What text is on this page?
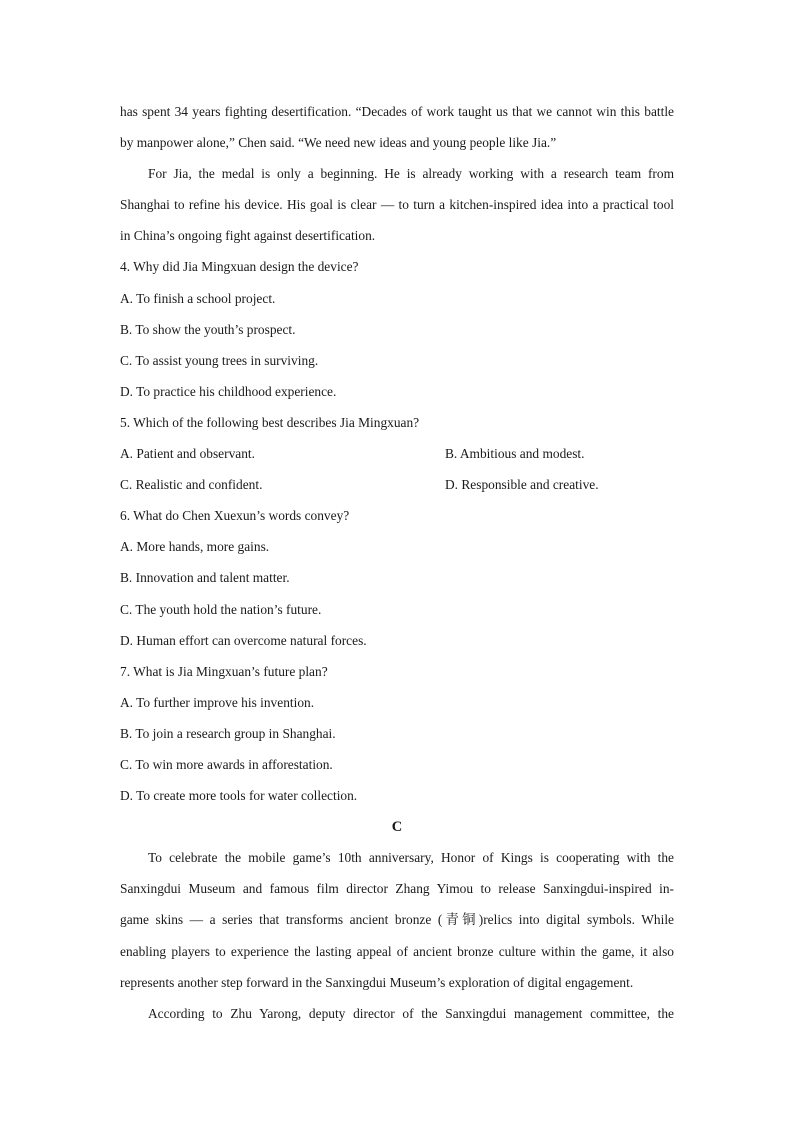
has spent 34 years fighting desertification. “Decades of work taught us that we cannot win this battle
by manpower alone,” Chen said. “We need new ideas and young people like Jia.”
For Jia, the medal is only a beginning. He is already working with a research team from
Shanghai to refine his device. His goal is clear — to turn a kitchen-inspired idea into a practical tool
in China’s ongoing fight against desertification.
4. Why did Jia Mingxuan design the device?
A. To finish a school project.
B. To show the youth’s prospect.
C. To assist young trees in surviving.
D. To practice his childhood experience.
5. Which of the following best describes Jia Mingxuan?
A. Patient and observant.	B. Ambitious and modest.
C. Realistic and confident.	D. Responsible and creative.
6. What do Chen Xuexun’s words convey?
A. More hands, more gains.
B. Innovation and talent matter.
C. The youth hold the nation’s future.
D. Human effort can overcome natural forces.
7. What is Jia Mingxuan’s future plan?
A. To further improve his invention.
B. To join a research group in Shanghai.
C. To win more awards in afforestation.
D. To create more tools for water collection.
C
To celebrate the mobile game’s 10th anniversary, Honor of Kings is cooperating with the
Sanxingdui Museum and famous film director Zhang Yimou to release Sanxingdui-inspired in-
game skins — a series that transforms ancient bronze (青铜)relics into digital symbols. While
enabling players to experience the lasting appeal of ancient bronze culture within the game, it also
represents another step forward in the Sanxingdui Museum’s exploration of digital engagement.
According to Zhu Yarong, deputy director of the Sanxingdui management committee, the
